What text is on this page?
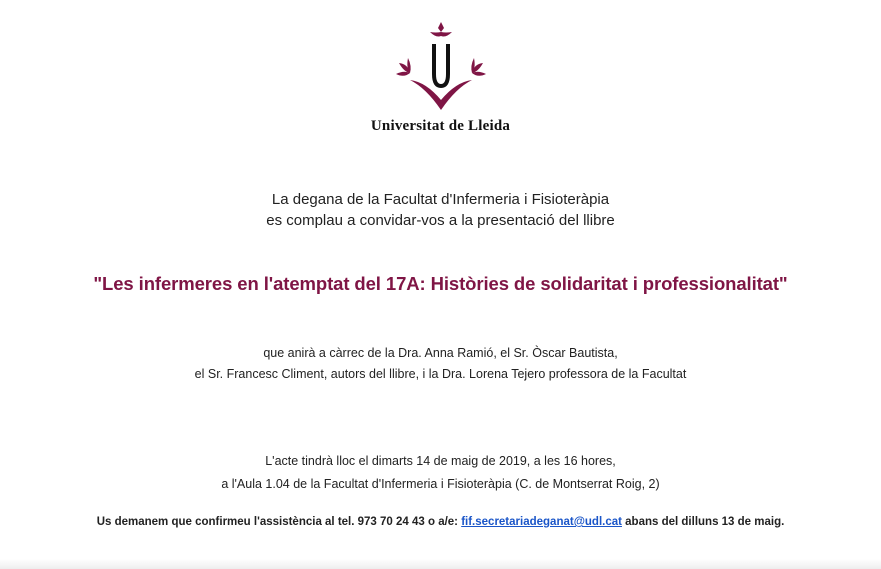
Universitat de Lleida
La degana de la Facultat d'Infermeria i Fisioteràpia
es complau a convidar-vos a la presentació del llibre
"Les infermeres en l'atemptat del 17A: Històries de solidaritat i professionalitat"
que anirà a càrrec de la Dra. Anna Ramió, el Sr. Òscar Bautista,
el Sr. Francesc Climent, autors del llibre, i la Dra. Lorena Tejero professora de la Facultat
L'acte tindrà lloc el dimarts 14 de maig de 2019, a les 16 hores,
a l'Aula 1.04 de la Facultat d'Infermeria i Fisioteràpia (C. de Montserrat Roig, 2)
Us demanem que confirmeu l'assistència al tel. 973 70 24 43 o a/e: fif.secretariadeganat@udl.cat abans del dilluns 13 de maig.
